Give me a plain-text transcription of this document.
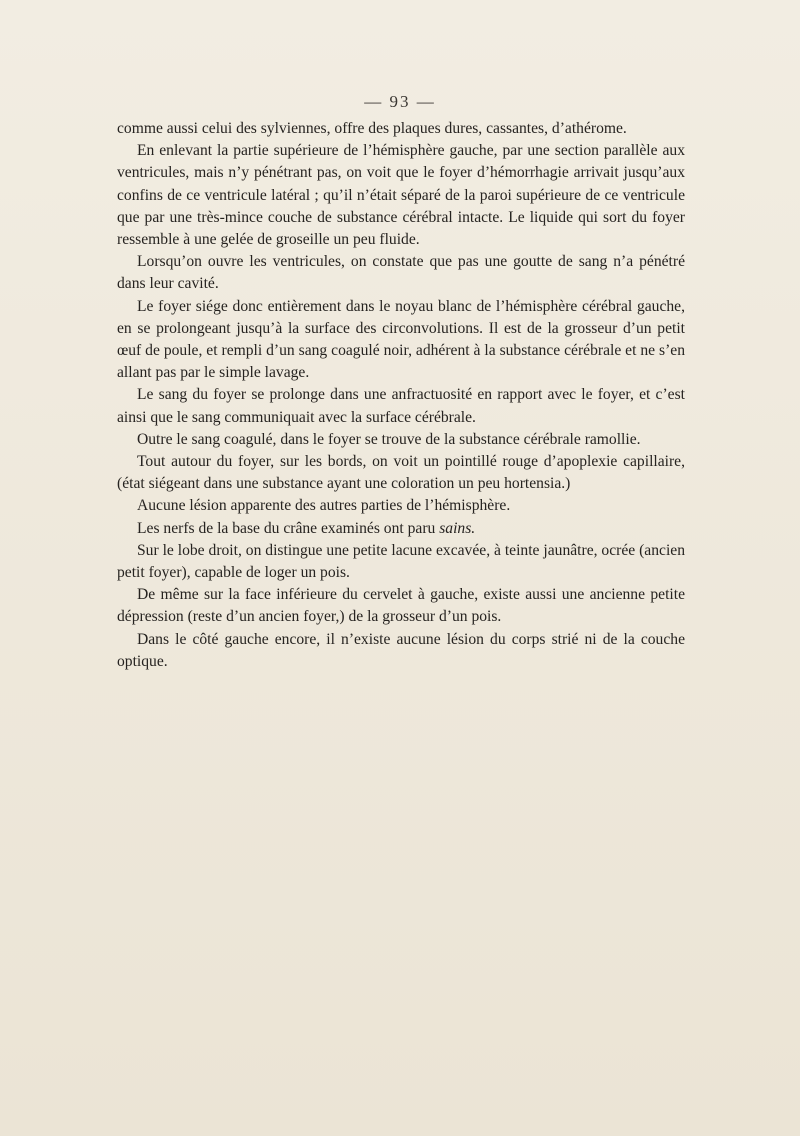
— 93 —

comme aussi celui des sylviennes, offre des plaques dures, cassantes, d’athérome.

En enlevant la partie supérieure de l’hémisphère gauche, par une section parallèle aux ventricules, mais n’y pénétrant pas, on voit que le foyer d’hémorrhagie arrivait jusqu’aux confins de ce ventricule latéral ; qu’il n’était séparé de la paroi supérieure de ce ventricule que par une très-mince couche de substance cérébral intacte. Le liquide qui sort du foyer ressemble à une gelée de groseille un peu fluide.

Lorsqu’on ouvre les ventricules, on constate que pas une goutte de sang n’a pénétré dans leur cavité.

Le foyer siége donc entièrement dans le noyau blanc de l’hémisphère cérébral gauche, en se prolongeant jusqu’à la surface des circonvolutions. Il est de la grosseur d’un petit œuf de poule, et rempli d’un sang coagulé noir, adhérent à la substance cérébrale et ne s’en allant pas par le simple lavage.

Le sang du foyer se prolonge dans une anfractuosité en rapport avec le foyer, et c’est ainsi que le sang communiquait avec la surface cérébrale.

Outre le sang coagulé, dans le foyer se trouve de la substance cérébrale ramollie.

Tout autour du foyer, sur les bords, on voit un pointillé rouge d’apoplexie capillaire, (état siégeant dans une substance ayant une coloration un peu hortensia.)

Aucune lésion apparente des autres parties de l’hémisphère.

Les nerfs de la base du crâne examinés ont paru sains.

Sur le lobe droit, on distingue une petite lacune excavée, à teinte jaunâtre, ocrée (ancien petit foyer), capable de loger un pois.

De même sur la face inférieure du cervelet à gauche, existe aussi une ancienne petite dépression (reste d’un ancien foyer,) de la grosseur d’un pois.

Dans le côté gauche encore, il n’existe aucune lésion du corps strié ni de la couche optique.
